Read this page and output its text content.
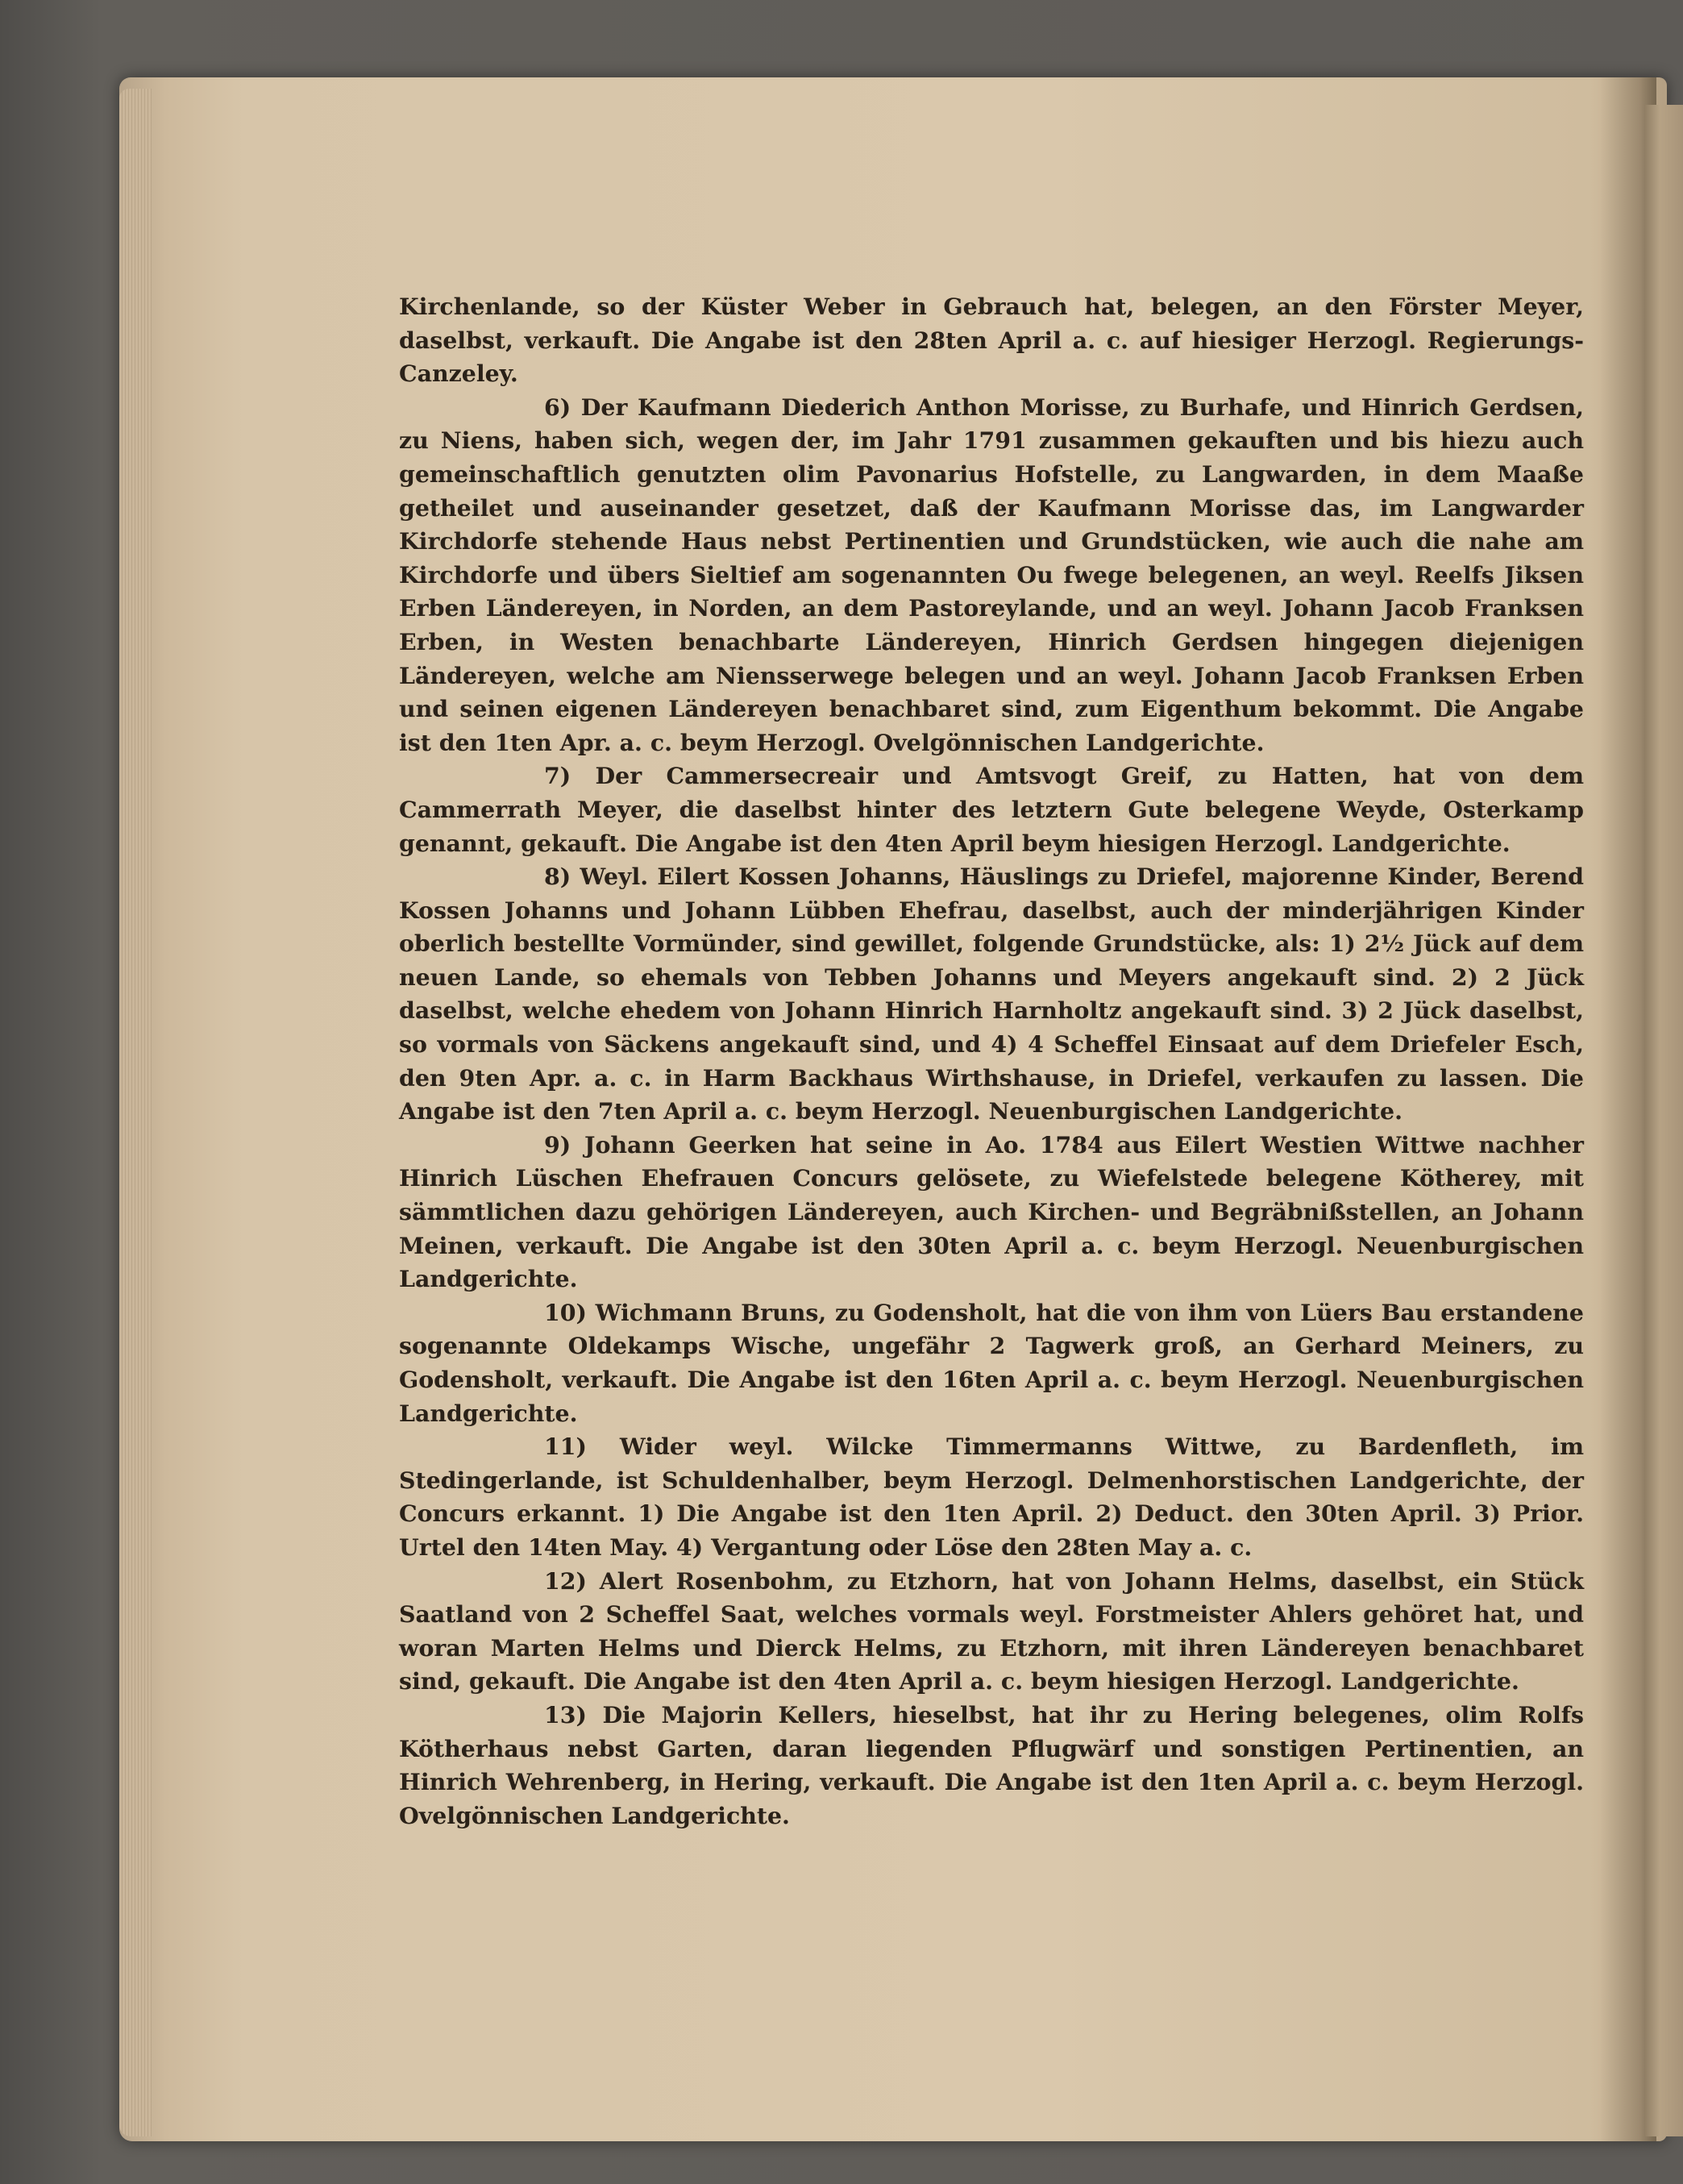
Kirchenlande, so der Küster Weber in Gebrauch hat, belegen, an den Förster Meyer, daselbst, verkauft. Die Angabe ist den 28ten April a. c. auf hiesiger Herzogl. Regierungs-Canzeley.

6) Der Kaufmann Diederich Anthon Morisse, zu Burhafe, und Hinrich Gerdsen, zu Niens, haben sich, wegen der, im Jahr 1791 zusammen gekauften und bis hiezu auch gemeinschaftlich genutzten olim Pavonarius Hofstelle, zu Langwarden, in dem Maaße getheilet und auseinander gesetzet, daß der Kaufmann Morisse das, im Langwarder Kirchdorfe stehende Haus nebst Pertinentien und Grundstücken, wie auch die nahe am Kirchdorfe und übers Sieltief am sogenannten Ou fwege belegenen, an weyl. Reelfs Jiksen Erben Ländereyen, in Norden, an dem Pastoreylande, und an weyl. Johann Jacob Franksen Erben, in Westen benachbarte Ländereyen, Hinrich Gerdsen hingegen diejenigen Ländereyen, welche am Niensserwege belegen und an weyl. Johann Jacob Franksen Erben und seinen eigenen Ländereyen benachbaret sind, zum Eigenthum bekommt. Die Angabe ist den 1ten Apr. a. c. beym Herzogl. Ovelgönnischen Landgerichte.

7) Der Cammersecreair und Amtsvogt Greif, zu Hatten, hat von dem Cammerrath Meyer, die daselbst hinter des letztern Gute belegene Weyde, Osterkamp genannt, gekauft. Die Angabe ist den 4ten April beym hiesigen Herzogl. Landgerichte.

8) Weyl. Eilert Kossen Johanns, Häuslings zu Driefel, majorenne Kinder, Berend Kossen Johanns und Johann Lübben Ehefrau, daselbst, auch der minderjährigen Kinder oberlich bestellte Vormünder, sind gewillet, folgende Grundstücke, als: 1) 2½ Jück auf dem neuen Lande, so ehemals von Tebben Johanns und Meyers angekauft sind. 2) 2 Jück daselbst, welche ehedem von Johann Hinrich Harnholtz angekauft sind. 3) 2 Jück daselbst, so vormals von Säckens angekauft sind, und 4) 4 Scheffel Einsaat auf dem Driefeler Esch, den 9ten Apr. a. c. in Harm Backhaus Wirthshause, in Driefel, verkaufen zu lassen. Die Angabe ist den 7ten April a. c. beym Herzogl. Neuenburgischen Landgerichte.

9) Johann Geerken hat seine in Ao. 1784 aus Eilert Westien Wittwe nachher Hinrich Lüschen Ehefrauen Concurs gelösete, zu Wiefelstede belegene Kötherey, mit sämmtlichen dazu gehörigen Ländereyen, auch Kirchen- und Begräbnißstellen, an Johann Meinen, verkauft. Die Angabe ist den 30ten April a. c. beym Herzogl. Neuenburgischen Landgerichte.

10) Wichmann Bruns, zu Godensholt, hat die von ihm von Lüers Bau erstandene sogenannte Oldekamps Wische, ungefähr 2 Tagwerk groß, an Gerhard Meiners, zu Godensholt, verkauft. Die Angabe ist den 16ten April a. c. beym Herzogl. Neuenburgischen Landgerichte.

11) Wider weyl. Wilcke Timmermanns Wittwe, zu Bardenfleth, im Stedingerlande, ist Schuldenhalber, beym Herzogl. Delmenhorstischen Landgerichte, der Concurs erkannt. 1) Die Angabe ist den 1ten April. 2) Deduct. den 30ten April. 3) Prior. Urtel den 14ten May. 4) Vergantung oder Löse den 28ten May a. c.

12) Alert Rosenbohm, zu Etzhorn, hat von Johann Helms, daselbst, ein Stück Saatland von 2 Scheffel Saat, welches vormals weyl. Forstmeister Ahlers gehöret hat, und woran Marten Helms und Dierck Helms, zu Etzhorn, mit ihren Ländereyen benachbaret sind, gekauft. Die Angabe ist den 4ten April a. c. beym hiesigen Herzogl. Landgerichte.

13) Die Majorin Kellers, hieselbst, hat ihr zu Hering belegenes, olim Rolfs Kötherhaus nebst Garten, daran liegenden Pflugwärf und sonstigen Pertinentien, an Hinrich Wehrenberg, in Hering, verkauft. Die Angabe ist den 1ten April a. c. beym Herzogl. Ovelgönnischen Landgerichte.
